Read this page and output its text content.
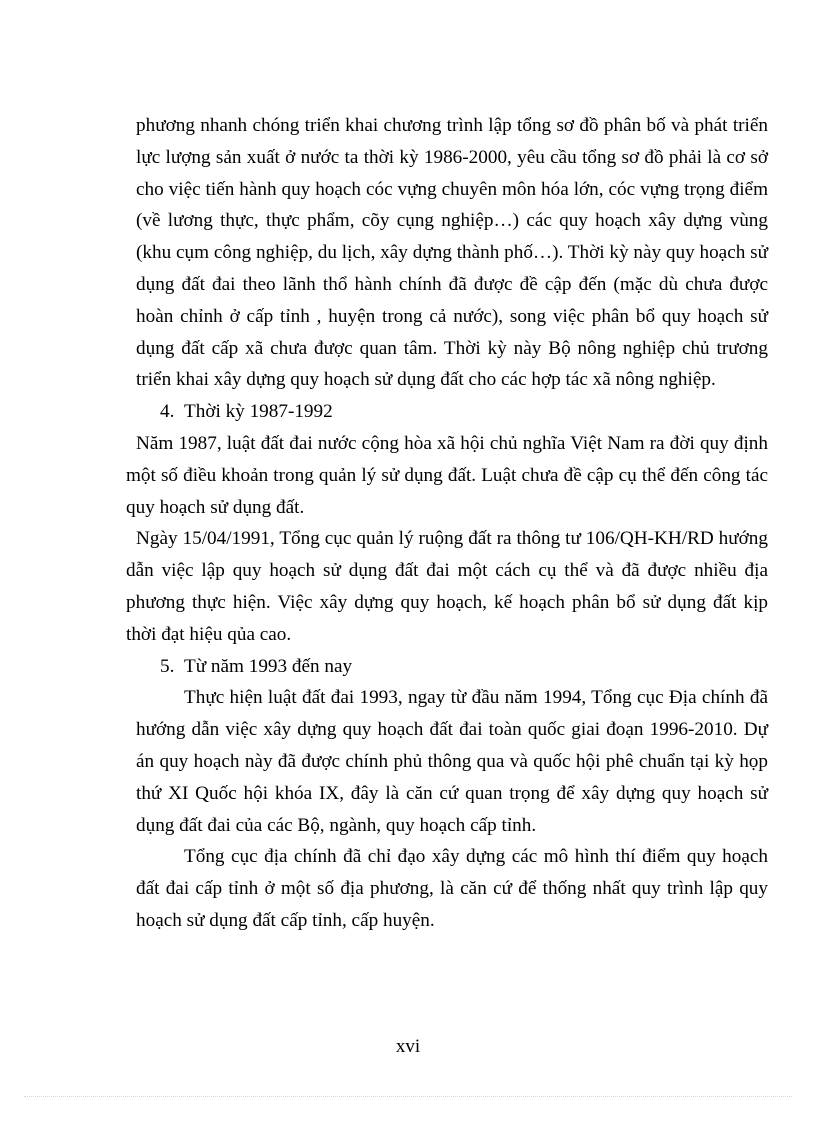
phương nhanh chóng triển khai chương trình lập tổng sơ đồ phân bố và phát triển lực lượng sản xuất ở nước ta thời kỳ 1986-2000, yêu cầu tổng sơ đồ phải là cơ sở cho việc tiến hành quy hoạch cóc vựng chuyên môn hóa lớn, cóc vựng trọng điểm (về lương thực, thực phẩm, cõy cụng nghiệp…) các quy hoạch xây dựng vùng (khu cụm công nghiệp, du lịch, xây dựng thành phố…). Thời kỳ này quy hoạch sử dụng đất đai theo lãnh thổ hành chính đã được đề cập đến (mặc dù chưa được hoàn chỉnh ở cấp tỉnh , huyện trong cả nước), song việc phân bổ quy hoạch sử dụng đất cấp xã chưa được quan tâm. Thời kỳ này Bộ nông nghiệp chủ trương triển khai xây dựng quy hoạch sử dụng đất cho các hợp tác xã nông nghiệp.

4. Thời kỳ 1987-1992

Năm 1987, luật đất đai nước cộng hòa xã hội chủ nghĩa Việt Nam ra đời quy định một số điều khoản trong quản lý sử dụng đất. Luật chưa đề cập cụ thể đến công tác quy hoạch sử dụng đất.

Ngày 15/04/1991, Tổng cục quản lý ruộng đất ra thông tư 106/QH-KH/RD hướng dẫn việc lập quy hoạch sử dụng đất đai một cách cụ thể và đã được nhiều địa phương thực hiện. Việc xây dựng quy hoạch, kế hoạch phân bổ sử dụng đất kịp thời đạt hiệu qủa cao.

5. Từ năm 1993 đến nay

Thực hiện luật đất đai 1993, ngay từ đầu năm 1994, Tổng cục Địa chính đã hướng dẫn việc xây dựng quy hoạch đất đai toàn quốc giai đoạn 1996-2010. Dự án quy hoạch này đã được chính phủ thông qua và quốc hội phê chuẩn tại kỳ họp thứ XI Quốc hội khóa IX, đây là căn cứ quan trọng để xây dựng quy hoạch sử dụng đất đai của các Bộ, ngành, quy hoạch cấp tỉnh.

Tổng cục địa chính đã chỉ đạo xây dựng các mô hình thí điểm quy hoạch đất đai cấp tỉnh ở một số địa phương, là căn cứ để thống nhất quy trình lập quy hoạch sử dụng đất cấp tỉnh, cấp huyện.

xvi
